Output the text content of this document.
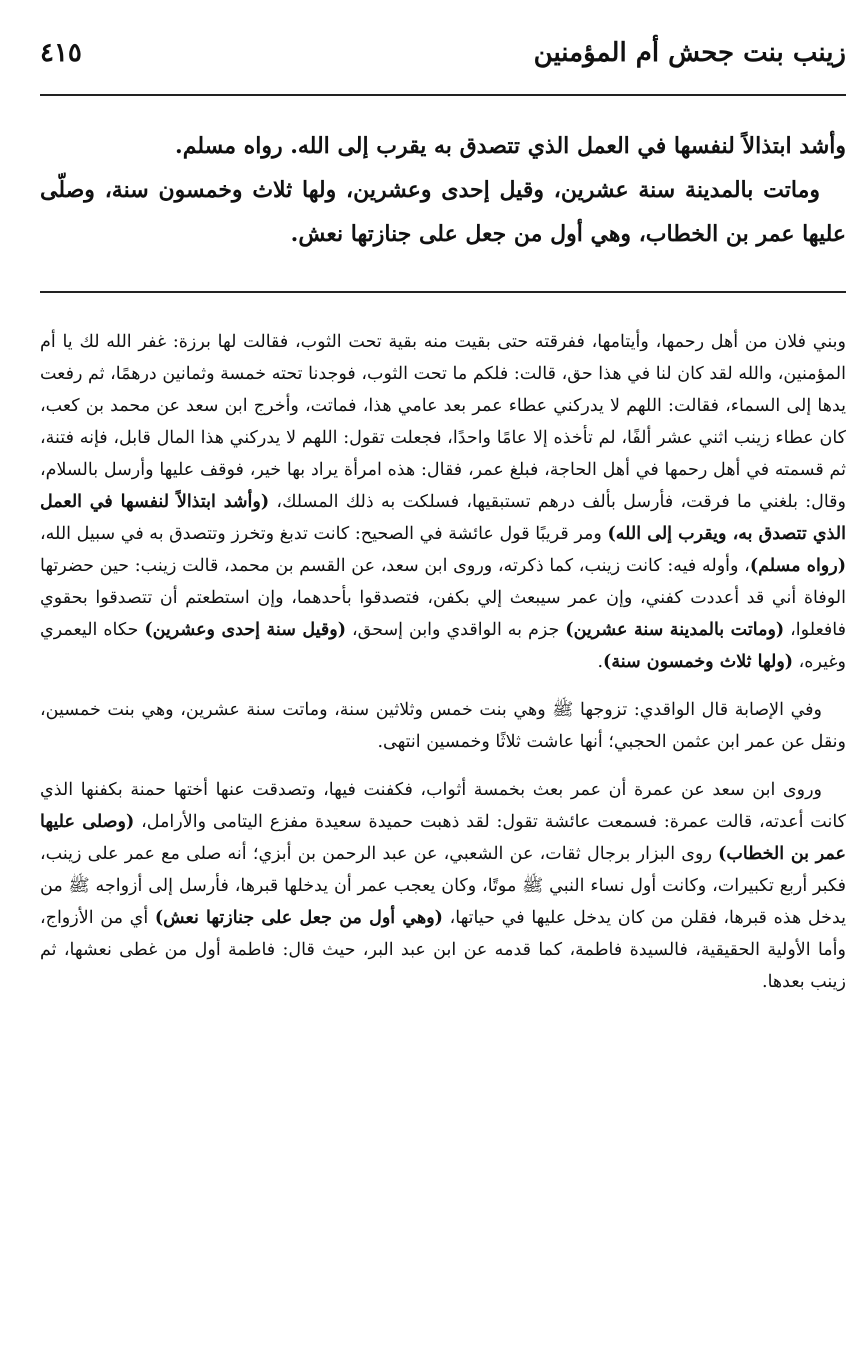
زينب بنت جحش أم المؤمنين
٤١٥

وأشد ابتذالاً لنفسها في العمل الذي تتصدق به يقرب إلى الله. رواه مسلم.

وماتت بالمدينة سنة عشرين، وقيل إحدى وعشرين، ولها ثلاث وخمسون سنة، وصلّى عليها عمر بن الخطاب، وهي أول من جعل على جنازتها نعش.

وبني فلان من أهل رحمها، وأيتامها، ففرقته حتى بقيت منه بقية تحت الثوب، فقالت لها برزة: غفر الله لك يا أم المؤمنين، والله لقد كان لنا في هذا حق، قالت: فلكم ما تحت الثوب، فوجدنا تحته خمسة وثمانين درهمًا، ثم رفعت يدها إلى السماء، فقالت: اللهم لا يدركني عطاء عمر بعد عامي هذا، فماتت، وأخرج ابن سعد عن محمد بن كعب، كان عطاء زينب اثني عشر ألفًا، لم تأخذه إلا عامًا واحدًا، فجعلت تقول: اللهم لا يدركني هذا المال قابل، فإنه فتنة، ثم قسمته في أهل رحمها في أهل الحاجة، فبلغ عمر، فقال: هذه امرأة يراد بها خير، فوقف عليها وأرسل بالسلام، وقال: بلغني ما فرقت، فأرسل بألف درهم تستبقيها، فسلكت به ذلك المسلك، (وأشد ابتذالاً لنفسها في العمل الذي تتصدق به، ويقرب إلى الله) ومر قريبًا قول عائشة في الصحيح: كانت تدبغ وتخرز وتتصدق به في سبيل الله، (رواه مسلم)، وأوله فيه: كانت زينب، كما ذكرته، وروى ابن سعد، عن القسم بن محمد، قالت زينب: حين حضرتها الوفاة أني قد أعددت كفني، وإن عمر سيبعث إلي بكفن، فتصدقوا بأحدهما، وإن استطعتم أن تتصدقوا بحقوي فافعلوا، (وماتت بالمدينة سنة عشرين) جزم به الواقدي وابن إسحق، (وقيل سنة إحدى وعشرين) حكاه اليعمري وغيره، (ولها ثلاث وخمسون سنة).

وفي الإصابة قال الواقدي: تزوجها ﷺ وهي بنت خمس وثلاثين سنة، وماتت سنة عشرين، وهي بنت خمسين، ونقل عن عمر ابن عثمن الحجبي؛ أنها عاشت ثلاثًا وخمسين انتهى.

وروى ابن سعد عن عمرة أن عمر بعث بخمسة أثواب، فكفنت فيها، وتصدقت عنها أختها حمنة بكفنها الذي كانت أعدته، قالت عمرة: فسمعت عائشة تقول: لقد ذهبت حميدة سعيدة مفزع اليتامى والأرامل، (وصلى عليها عمر بن الخطاب) روى البزار برجال ثقات، عن الشعبي، عن عبد الرحمن بن أبزي؛ أنه صلى مع عمر على زينب، فكبر أربع تكبيرات، وكانت أول نساء النبي ﷺ موتًا، وكان يعجب عمر أن يدخلها قبرها، فأرسل إلى أزواجه ﷺ من يدخل هذه قبرها، فقلن من كان يدخل عليها في حياتها، (وهي أول من جعل على جنازتها نعش) أي من الأزواج، وأما الأولية الحقيقية، فالسيدة فاطمة، كما قدمه عن ابن عبد البر، حيث قال: فاطمة أول من غطى نعشها، ثم زينب بعدها.
